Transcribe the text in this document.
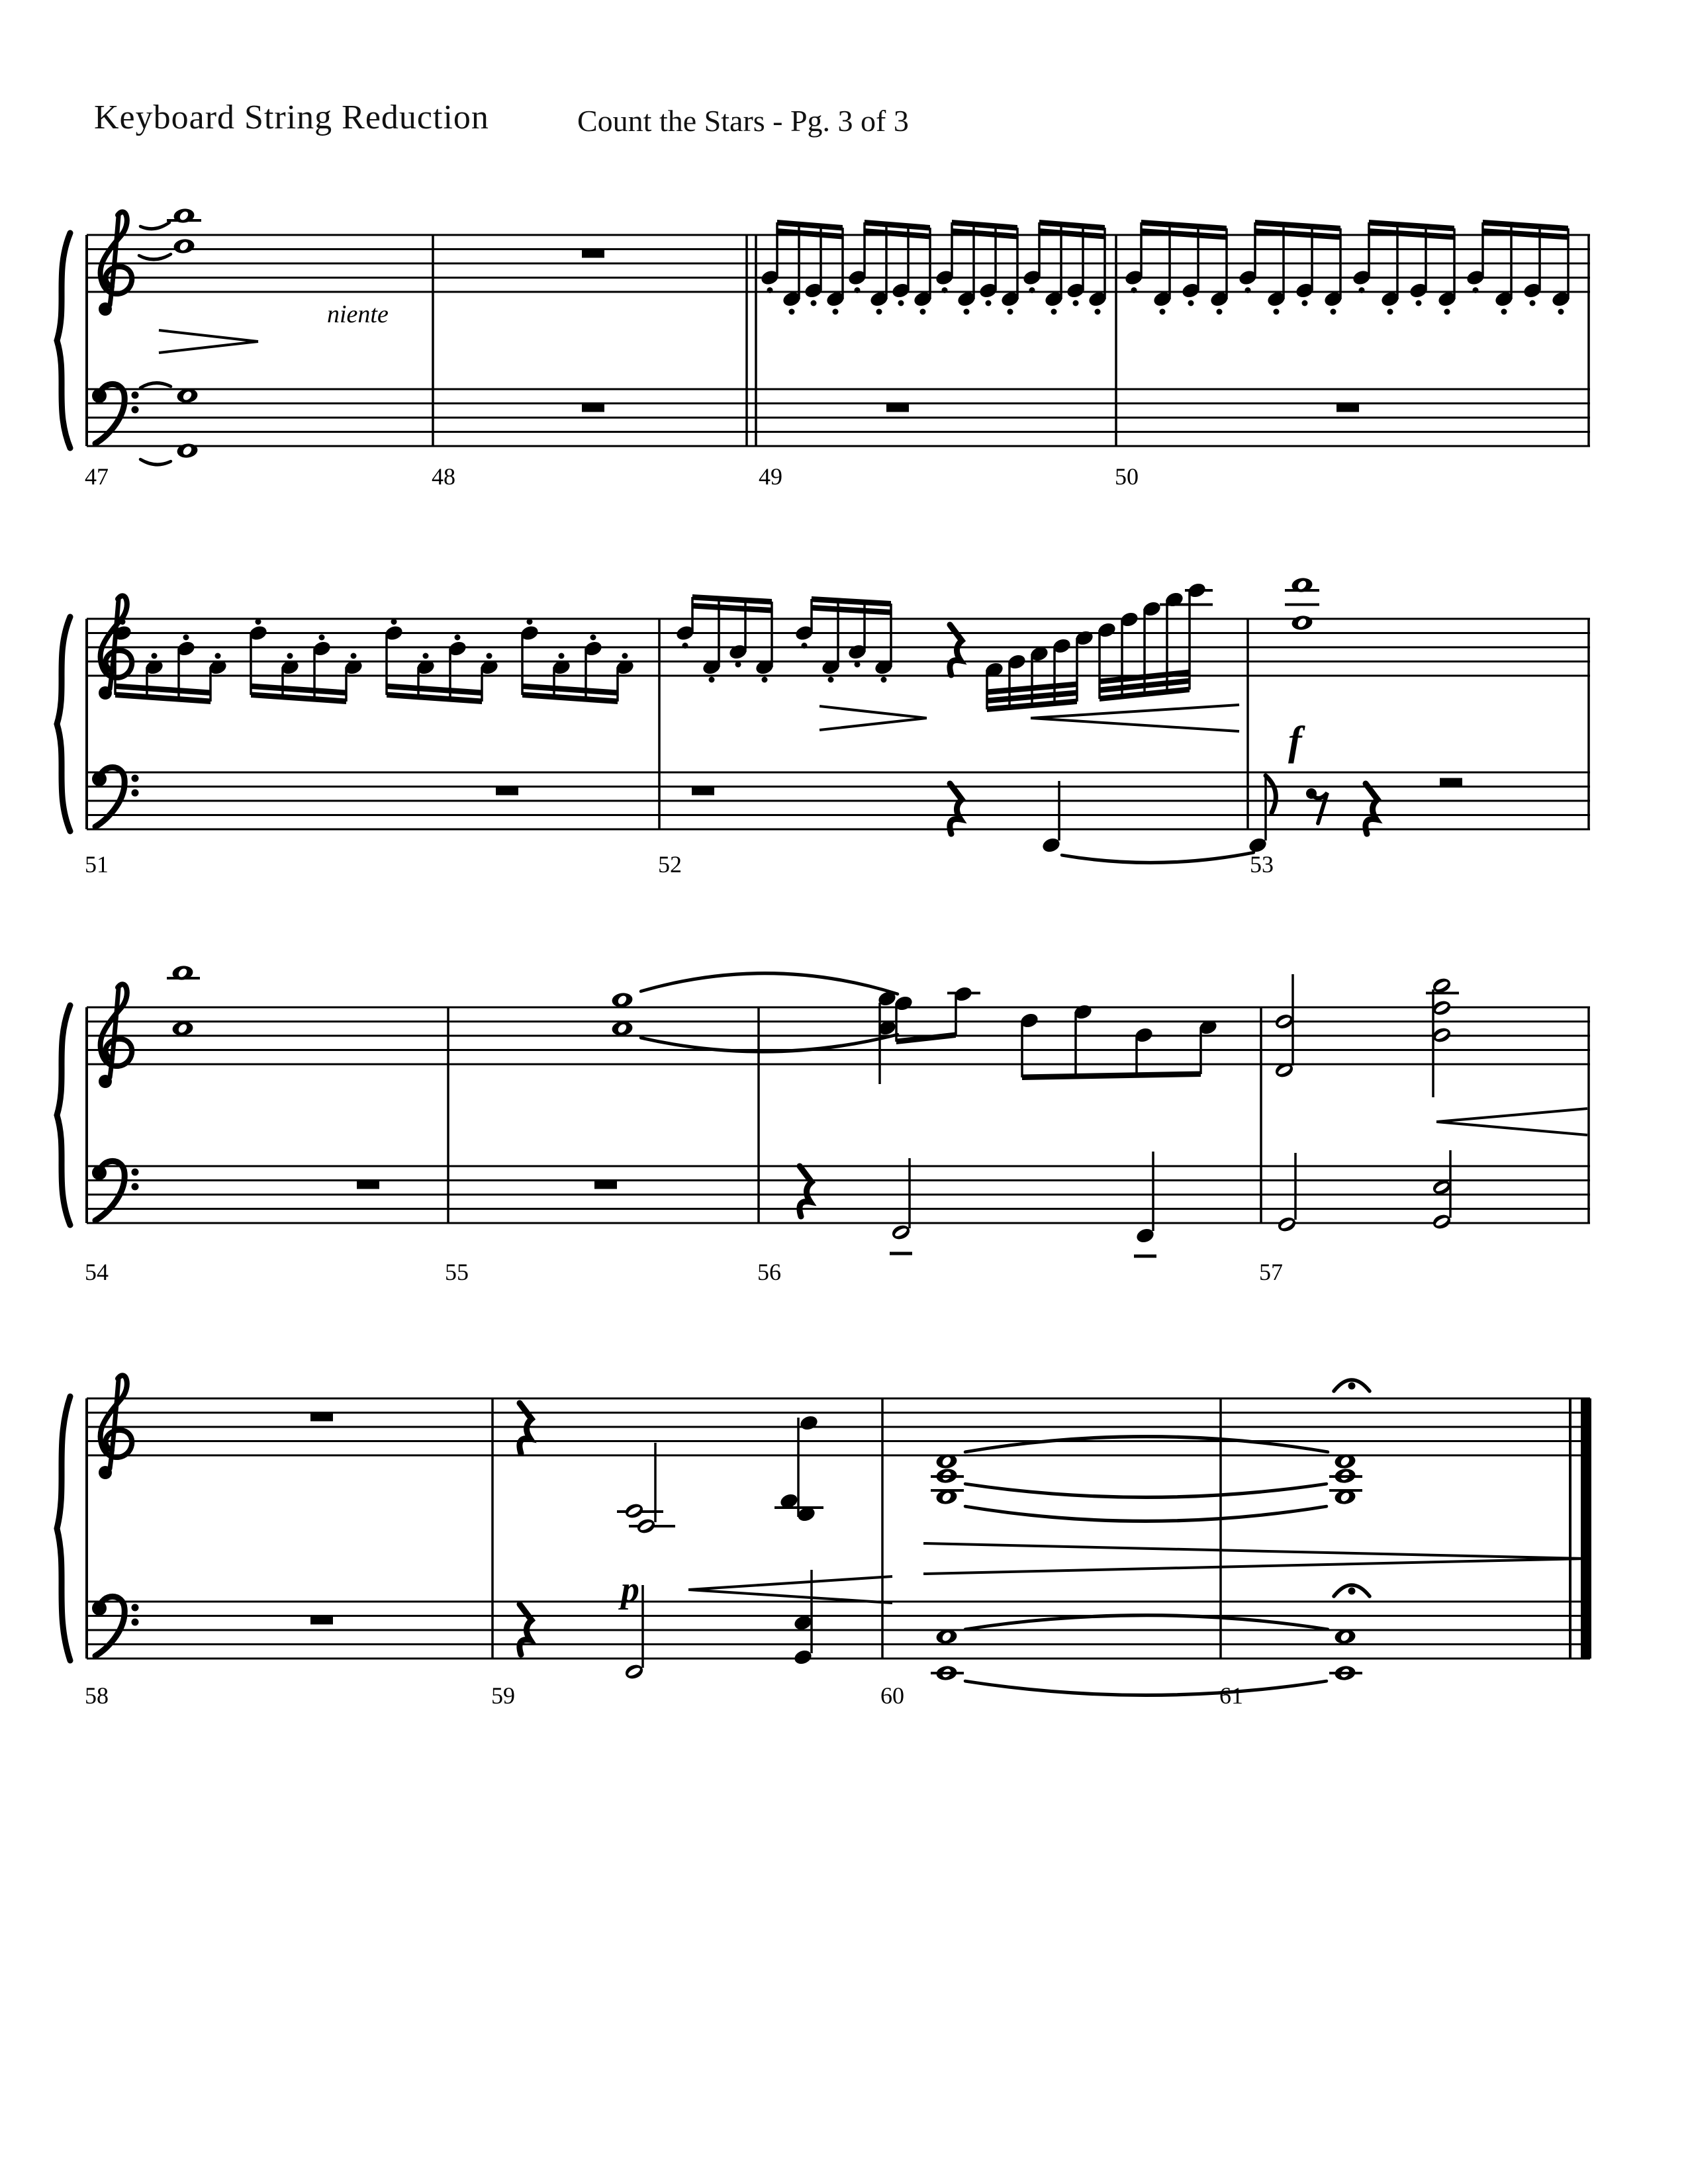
Keyboard String Reduction	Count the Stars - Pg. 3 of 3
47	48	49	50
niente
51	52	53
f
54	55	56	57
58	59	60	61
p
